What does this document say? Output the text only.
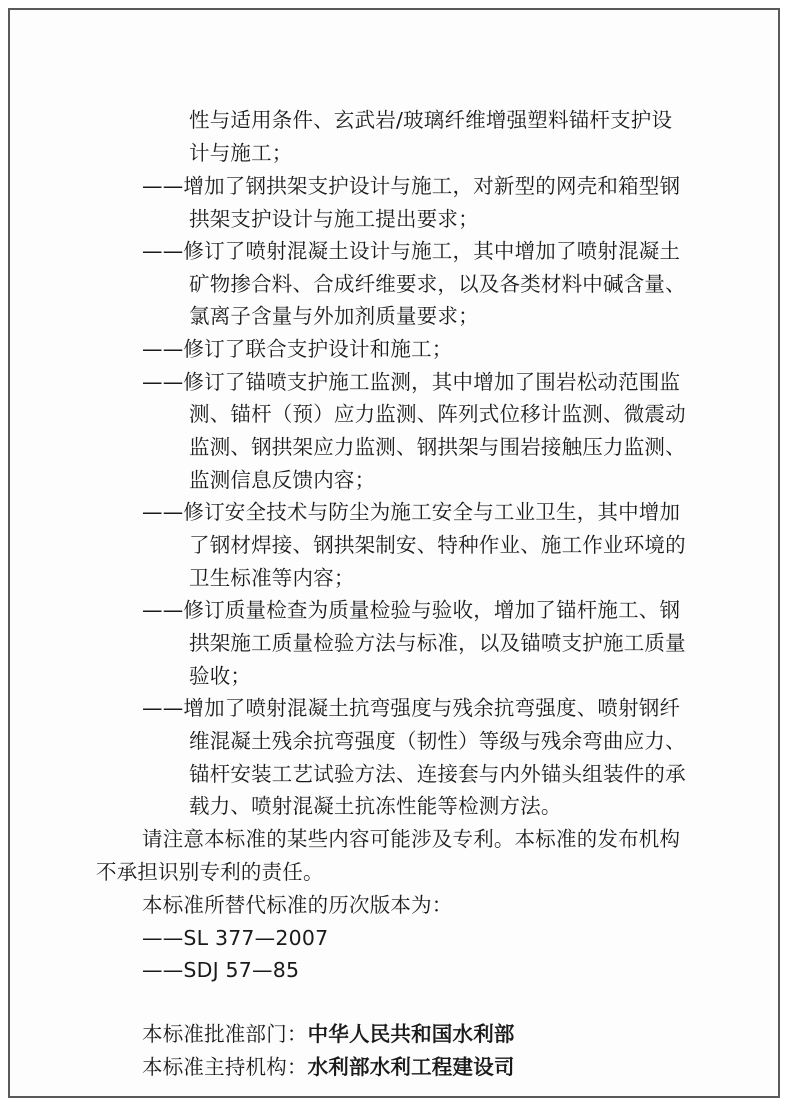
性与适用条件、玄武岩/玻璃纤维增强塑料锚杆支护设
计与施工；
——增加了钢拱架支护设计与施工，对新型的网壳和箱型钢
拱架支护设计与施工提出要求；
——修订了喷射混凝土设计与施工，其中增加了喷射混凝土
矿物掺合料、合成纤维要求，以及各类材料中碱含量、
氯离子含量与外加剂质量要求；
——修订了联合支护设计和施工；
——修订了锚喷支护施工监测，其中增加了围岩松动范围监
测、锚杆（预）应力监测、阵列式位移计监测、微震动
监测、钢拱架应力监测、钢拱架与围岩接触压力监测、
监测信息反馈内容；
——修订安全技术与防尘为施工安全与工业卫生，其中增加
了钢材焊接、钢拱架制安、特种作业、施工作业环境的
卫生标准等内容；
——修订质量检查为质量检验与验收，增加了锚杆施工、钢
拱架施工质量检验方法与标准，以及锚喷支护施工质量
验收；
——增加了喷射混凝土抗弯强度与残余抗弯强度、喷射钢纤
维混凝土残余抗弯强度（韧性）等级与残余弯曲应力、
锚杆安装工艺试验方法、连接套与内外锚头组装件的承
载力、喷射混凝土抗冻性能等检测方法。
请注意本标准的某些内容可能涉及专利。本标准的发布机构
不承担识别专利的责任。
本标准所替代标准的历次版本为：
——SL 377—2007
——SDJ 57—85
本标准批准部门：中华人民共和国水利部
本标准主持机构：水利部水利工程建设司
